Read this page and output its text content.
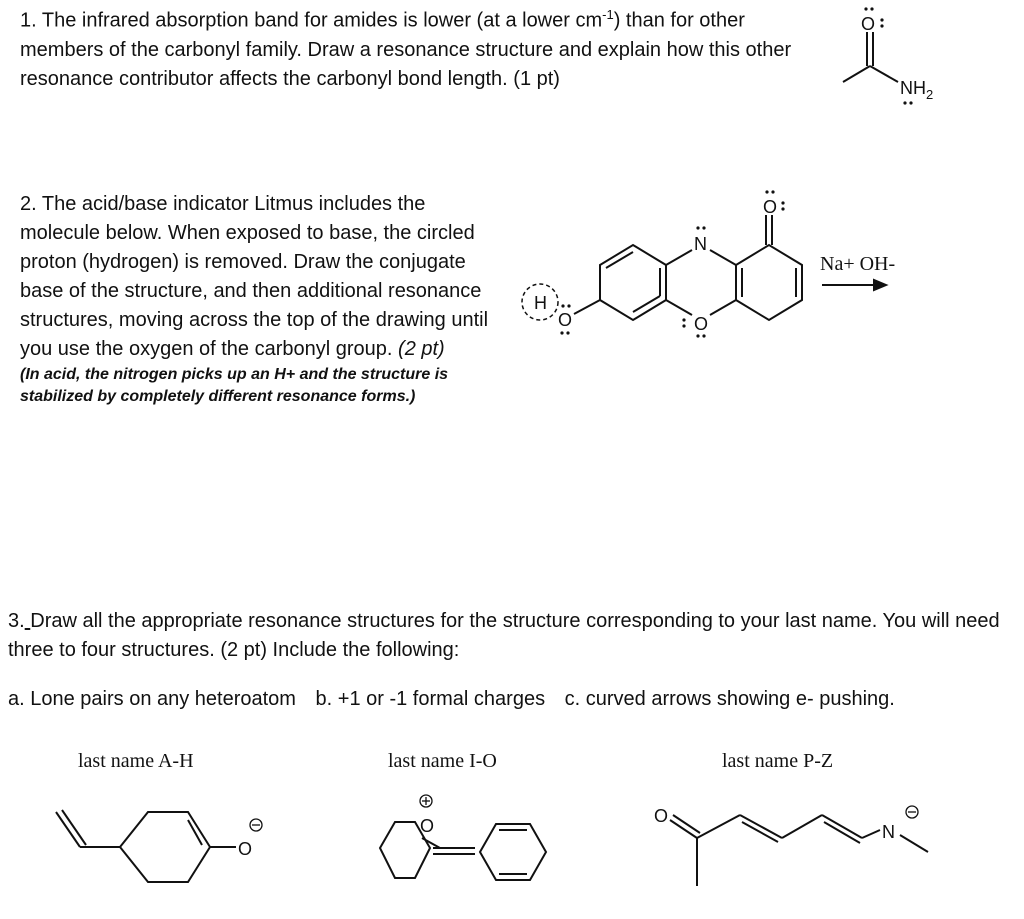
1. The infrared absorption band for amides is lower (at a lower $cm^{-1}$) than for other members of the carbonyl family. Draw a resonance structure and explain how this other resonance contributor affects the carbonyl bond length. (1 pt)
2. The acid/base indicator Litmus includes the molecule below. When exposed to base, the circled proton (hydrogen) is removed. Draw the conjugate base of the structure, and then additional resonance structures, moving across the top of the drawing until you use the oxygen of the carbonyl group. (2 pt)
(In acid, the nitrogen picks up an H+ and the structure is stabilized by completely different resonance forms.)
3. Draw all the appropriate resonance structures for the structure corresponding to your last name. You will need three to four structures. (2 pt) Include the following:
a. Lone pairs on any heteroatom b. +1 or -1 formal charges c. curved arrows showing e- pushing.
last name A-H	last name I-O	last name P-Z
O
$NH_2$
N
O
O
O
H
Na+ OH-
O
O	O
N
